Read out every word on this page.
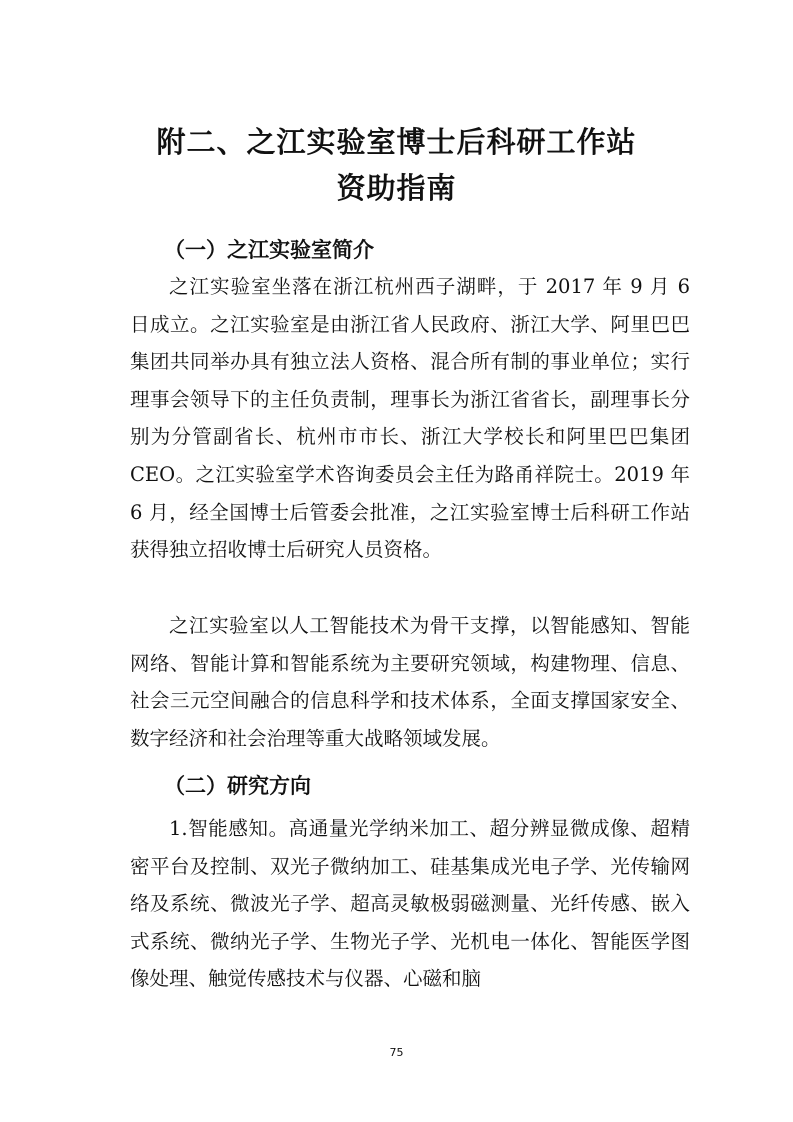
附二、之江实验室博士后科研工作站
资助指南
（一）之江实验室简介

之江实验室坐落在浙江杭州西子湖畔，于 2017 年 9 月 6 日成立。之江实验室是由浙江省人民政府、浙江大学、阿里巴巴集团共同举办具有独立法人资格、混合所有制的事业单位；实行理事会领导下的主任负责制，理事长为浙江省省长，副理事长分别为分管副省长、杭州市市长、浙江大学校长和阿里巴巴集团 CEO。之江实验室学术咨询委员会主任为路甬祥院士。2019 年 6 月，经全国博士后管委会批准，之江实验室博士后科研工作站获得独立招收博士后研究人员资格。

之江实验室以人工智能技术为骨干支撑，以智能感知、智能网络、智能计算和智能系统为主要研究领域，构建物理、信息、社会三元空间融合的信息科学和技术体系，全面支撑国家安全、数字经济和社会治理等重大战略领域发展。

（二）研究方向

1.智能感知。高通量光学纳米加工、超分辨显微成像、超精密平台及控制、双光子微纳加工、硅基集成光电子学、光传输网络及系统、微波光子学、超高灵敏极弱磁测量、光纤传感、嵌入式系统、微纳光子学、生物光子学、光机电一体化、智能医学图像处理、触觉传感技术与仪器、心磁和脑

75
